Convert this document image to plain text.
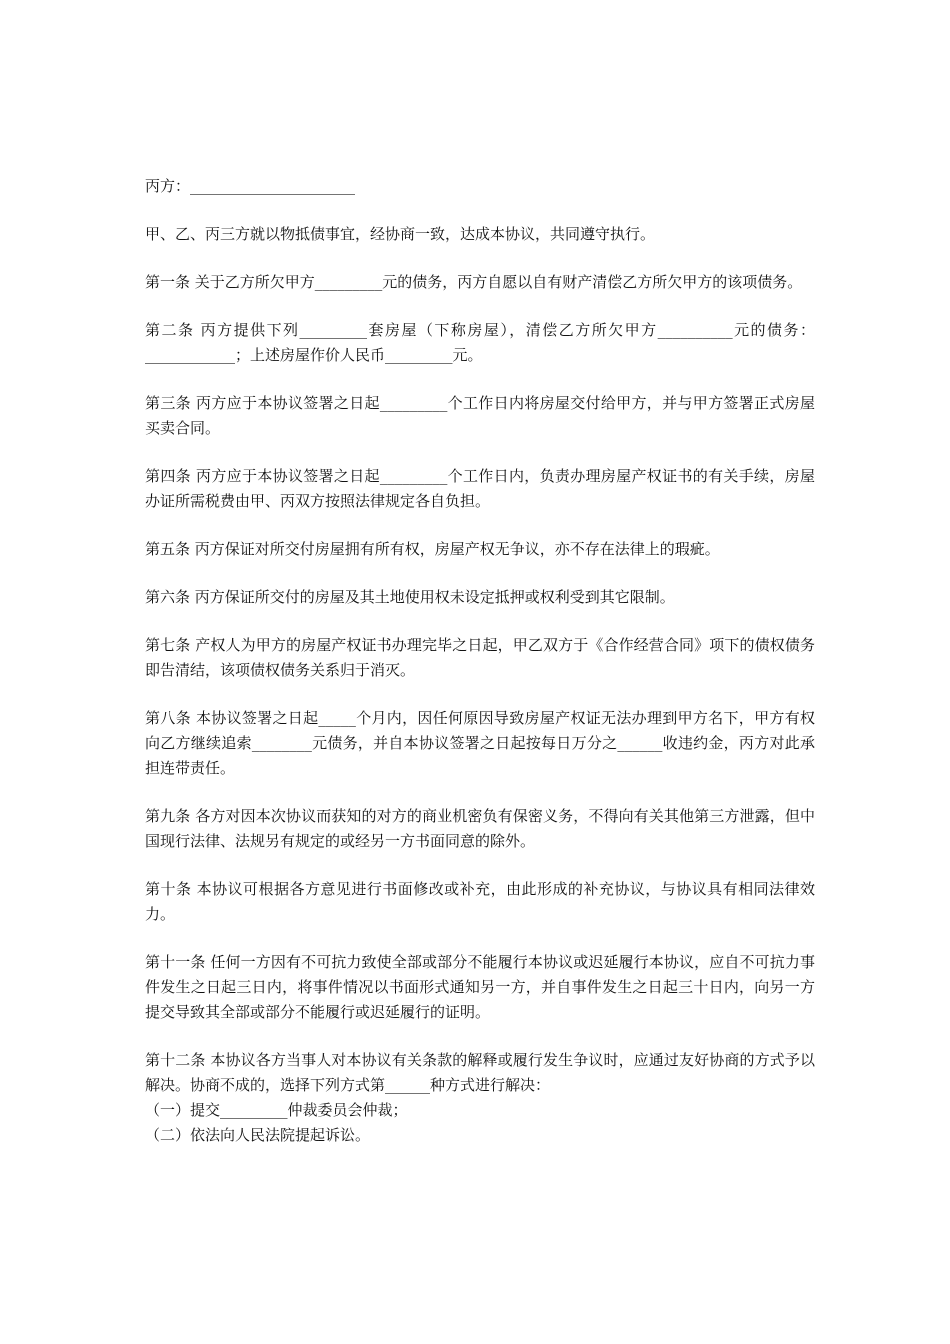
丙方：______________________

甲、乙、丙三方就以物抵债事宜，经协商一致，达成本协议，共同遵守执行。

第一条 关于乙方所欠甲方_________元的债务，丙方自愿以自有财产清偿乙方所欠甲方的该项债务。

第二条 丙方提供下列_________套房屋（下称房屋），清偿乙方所欠甲方__________元的债务：____________；上述房屋作价人民币_________元。

第三条 丙方应于本协议签署之日起_________个工作日内将房屋交付给甲方，并与甲方签署正式房屋买卖合同。

第四条 丙方应于本协议签署之日起_________个工作日内，负责办理房屋产权证书的有关手续，房屋办证所需税费由甲、丙双方按照法律规定各自负担。

第五条 丙方保证对所交付房屋拥有所有权，房屋产权无争议，亦不存在法律上的瑕疵。

第六条 丙方保证所交付的房屋及其土地使用权未设定抵押或权利受到其它限制。

第七条 产权人为甲方的房屋产权证书办理完毕之日起，甲乙双方于《合作经营合同》项下的债权债务即告清结，该项债权债务关系归于消灭。

第八条 本协议签署之日起_____个月内，因任何原因导致房屋产权证无法办理到甲方名下，甲方有权向乙方继续追索________元债务，并自本协议签署之日起按每日万分之______收违约金，丙方对此承担连带责任。

第九条 各方对因本次协议而获知的对方的商业机密负有保密义务，不得向有关其他第三方泄露，但中国现行法律、法规另有规定的或经另一方书面同意的除外。

第十条 本协议可根据各方意见进行书面修改或补充，由此形成的补充协议，与协议具有相同法律效力。

第十一条 任何一方因有不可抗力致使全部或部分不能履行本协议或迟延履行本协议，应自不可抗力事件发生之日起三日内，将事件情况以书面形式通知另一方，并自事件发生之日起三十日内，向另一方提交导致其全部或部分不能履行或迟延履行的证明。

第十二条 本协议各方当事人对本协议有关条款的解释或履行发生争议时，应通过友好协商的方式予以解决。协商不成的，选择下列方式第______种方式进行解决：

（一）提交_________仲裁委员会仲裁；

（二）依法向人民法院提起诉讼。
